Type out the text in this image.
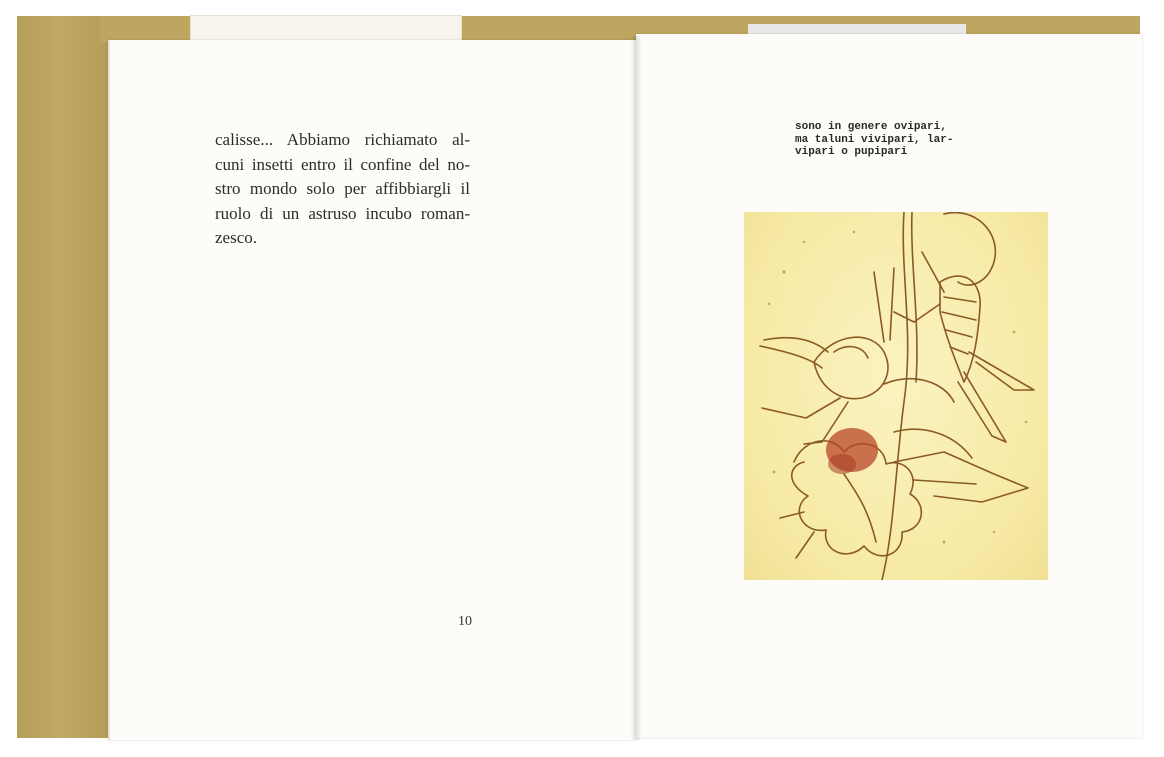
calisse... Abbiamo richiamato al-
cuni insetti entro il confine del no-
stro mondo solo per affibbiargli il
ruolo di un astruso incubo roman-
zesco.
10
sono in genere ovipari,
ma taluni vivipari, lar-
vipari o pupipari
